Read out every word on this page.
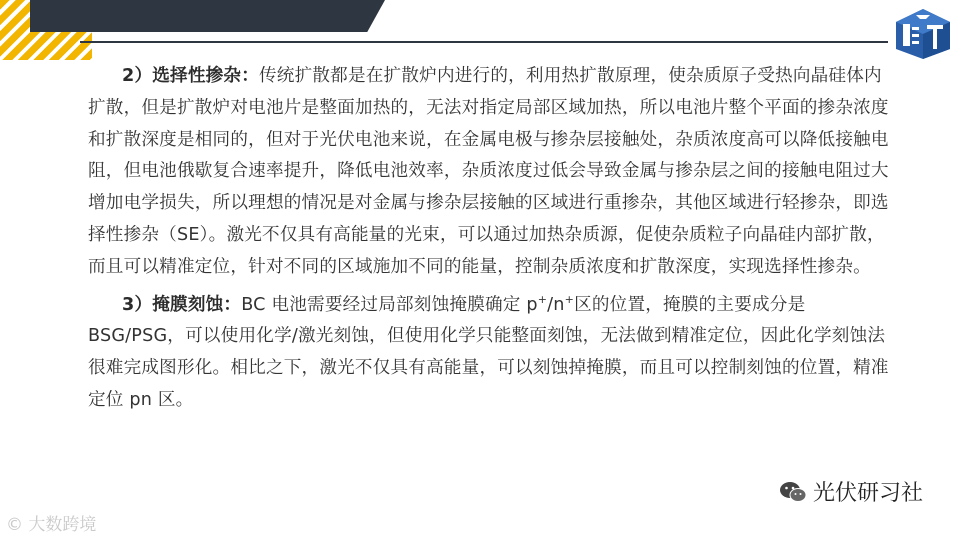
2）选择性掺杂：传统扩散都是在扩散炉内进行的，利用热扩散原理，使杂质原子受热向晶硅体内扩散，但是扩散炉对电池片是整面加热的，无法对指定局部区域加热，所以电池片整个平面的掺杂浓度和扩散深度是相同的，但对于光伏电池来说，在金属电极与掺杂层接触处，杂质浓度高可以降低接触电阻，但电池俄歇复合速率提升，降低电池效率，杂质浓度过低会导致金属与掺杂层之间的接触电阻过大增加电学损失，所以理想的情况是对金属与掺杂层接触的区域进行重掺杂，其他区域进行轻掺杂，即选择性掺杂（SE）。激光不仅具有高能量的光束，可以通过加热杂质源，促使杂质粒子向晶硅内部扩散，而且可以精准定位，针对不同的区域施加不同的能量，控制杂质浓度和扩散深度，实现选择性掺杂。

3）掩膜刻蚀：BC 电池需要经过局部刻蚀掩膜确定 p+/n+区的位置，掩膜的主要成分是 BSG/PSG，可以使用化学/激光刻蚀，但使用化学只能整面刻蚀，无法做到精准定位，因此化学刻蚀法很难完成图形化。相比之下，激光不仅具有高能量，可以刻蚀掉掩膜，而且可以控制刻蚀的位置，精准定位 pn 区。

© 大数跨境
光伏研习社
